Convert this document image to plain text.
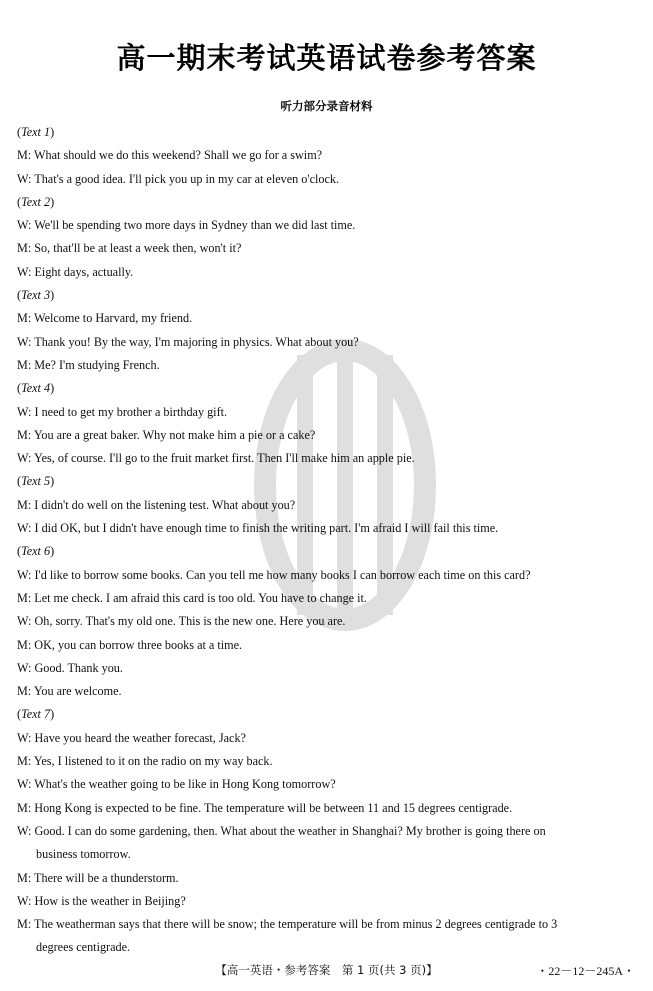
高一期末考试英语试卷参考答案
听力部分录音材料
(Text 1)
M: What should we do this weekend? Shall we go for a swim?
W: That's a good idea. I'll pick you up in my car at eleven o'clock.
(Text 2)
W: We'll be spending two more days in Sydney than we did last time.
M: So, that'll be at least a week then, won't it?
W: Eight days, actually.
(Text 3)
M: Welcome to Harvard, my friend.
W: Thank you! By the way, I'm majoring in physics. What about you?
M: Me? I'm studying French.
(Text 4)
W: I need to get my brother a birthday gift.
M: You are a great baker. Why not make him a pie or a cake?
W: Yes, of course. I'll go to the fruit market first. Then I'll make him an apple pie.
(Text 5)
M: I didn't do well on the listening test. What about you?
W: I did OK, but I didn't have enough time to finish the writing part. I'm afraid I will fail this time.
(Text 6)
W: I'd like to borrow some books. Can you tell me how many books I can borrow each time on this card?
M: Let me check. I am afraid this card is too old. You have to change it.
W: Oh, sorry. That's my old one. This is the new one. Here you are.
M: OK, you can borrow three books at a time.
W: Good. Thank you.
M: You are welcome.
(Text 7)
W: Have you heard the weather forecast, Jack?
M: Yes, I listened to it on the radio on my way back.
W: What's the weather going to be like in Hong Kong tomorrow?
M: Hong Kong is expected to be fine. The temperature will be between 11 and 15 degrees centigrade.
W: Good. I can do some gardening, then. What about the weather in Shanghai? My brother is going there on
business tomorrow.
M: There will be a thunderstorm.
W: How is the weather in Beijing?
M: The weatherman says that there will be snow; the temperature will be from minus 2 degrees centigrade to 3
degrees centigrade.
【高一英语・参考答案　第 1 页(共 3 页)】	・22－12－245A・
